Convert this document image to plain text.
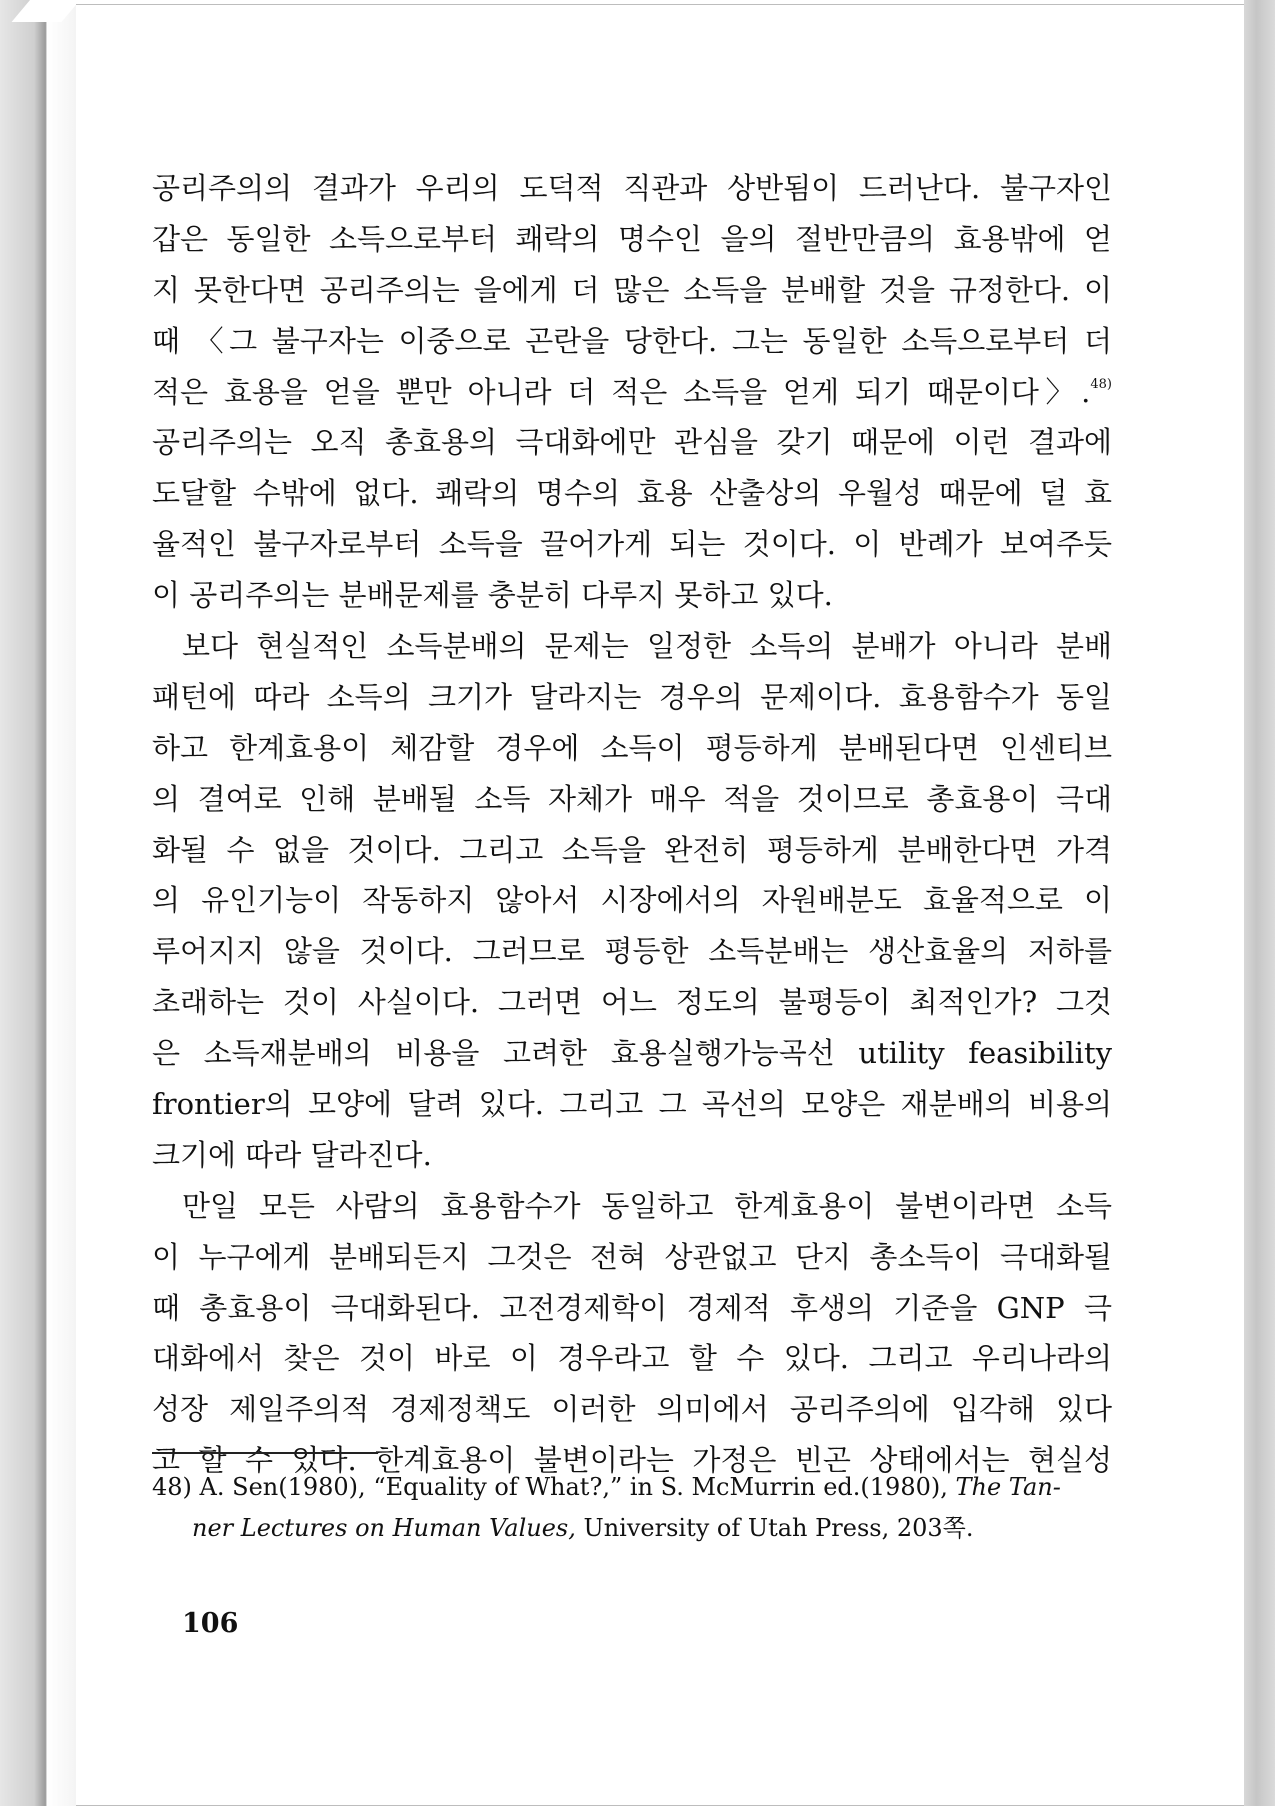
공리주의의 결과가 우리의 도덕적 직관과 상반됨이 드러난다. 불구자인
갑은 동일한 소득으로부터 쾌락의 명수인 을의 절반만큼의 효용밖에 얻
지 못한다면 공리주의는 을에게 더 많은 소득을 분배할 것을 규정한다. 이
때 〈그 불구자는 이중으로 곤란을 당한다. 그는 동일한 소득으로부터 더
적은 효용을 얻을 뿐만 아니라 더 적은 소득을 얻게 되기 때문이다〉.$^{48)}$
공리주의는 오직 총효용의 극대화에만 관심을 갖기 때문에 이런 결과에
도달할 수밖에 없다. 쾌락의 명수의 효용 산출상의 우월성 때문에 덜 효
율적인 불구자로부터 소득을 끌어가게 되는 것이다. 이 반례가 보여주듯
이 공리주의는 분배문제를 충분히 다루지 못하고 있다.
보다 현실적인 소득분배의 문제는 일정한 소득의 분배가 아니라 분배
패턴에 따라 소득의 크기가 달라지는 경우의 문제이다. 효용함수가 동일
하고 한계효용이 체감할 경우에 소득이 평등하게 분배된다면 인센티브
의 결여로 인해 분배될 소득 자체가 매우 적을 것이므로 총효용이 극대
화될 수 없을 것이다. 그리고 소득을 완전히 평등하게 분배한다면 가격
의 유인기능이 작동하지 않아서 시장에서의 자원배분도 효율적으로 이
루어지지 않을 것이다. 그러므로 평등한 소득분배는 생산효율의 저하를
초래하는 것이 사실이다. 그러면 어느 정도의 불평등이 최적인가? 그것
은 소득재분배의 비용을 고려한 효용실행가능곡선 utility feasibility
frontier의 모양에 달려 있다. 그리고 그 곡선의 모양은 재분배의 비용의
크기에 따라 달라진다.
만일 모든 사람의 효용함수가 동일하고 한계효용이 불변이라면 소득
이 누구에게 분배되든지 그것은 전혀 상관없고 단지 총소득이 극대화될
때 총효용이 극대화된다. 고전경제학이 경제적 후생의 기준을 GNP 극
대화에서 찾은 것이 바로 이 경우라고 할 수 있다. 그리고 우리나라의
성장 제일주의적 경제정책도 이러한 의미에서 공리주의에 입각해 있다
고 할 수 있다. 한계효용이 불변이라는 가정은 빈곤 상태에서는 현실성
48) A. Sen(1980), “Equality of What?,” in S. McMurrin ed.(1980), The Tan-
ner Lectures on Human Values, University of Utah Press, 203쪽.
106
